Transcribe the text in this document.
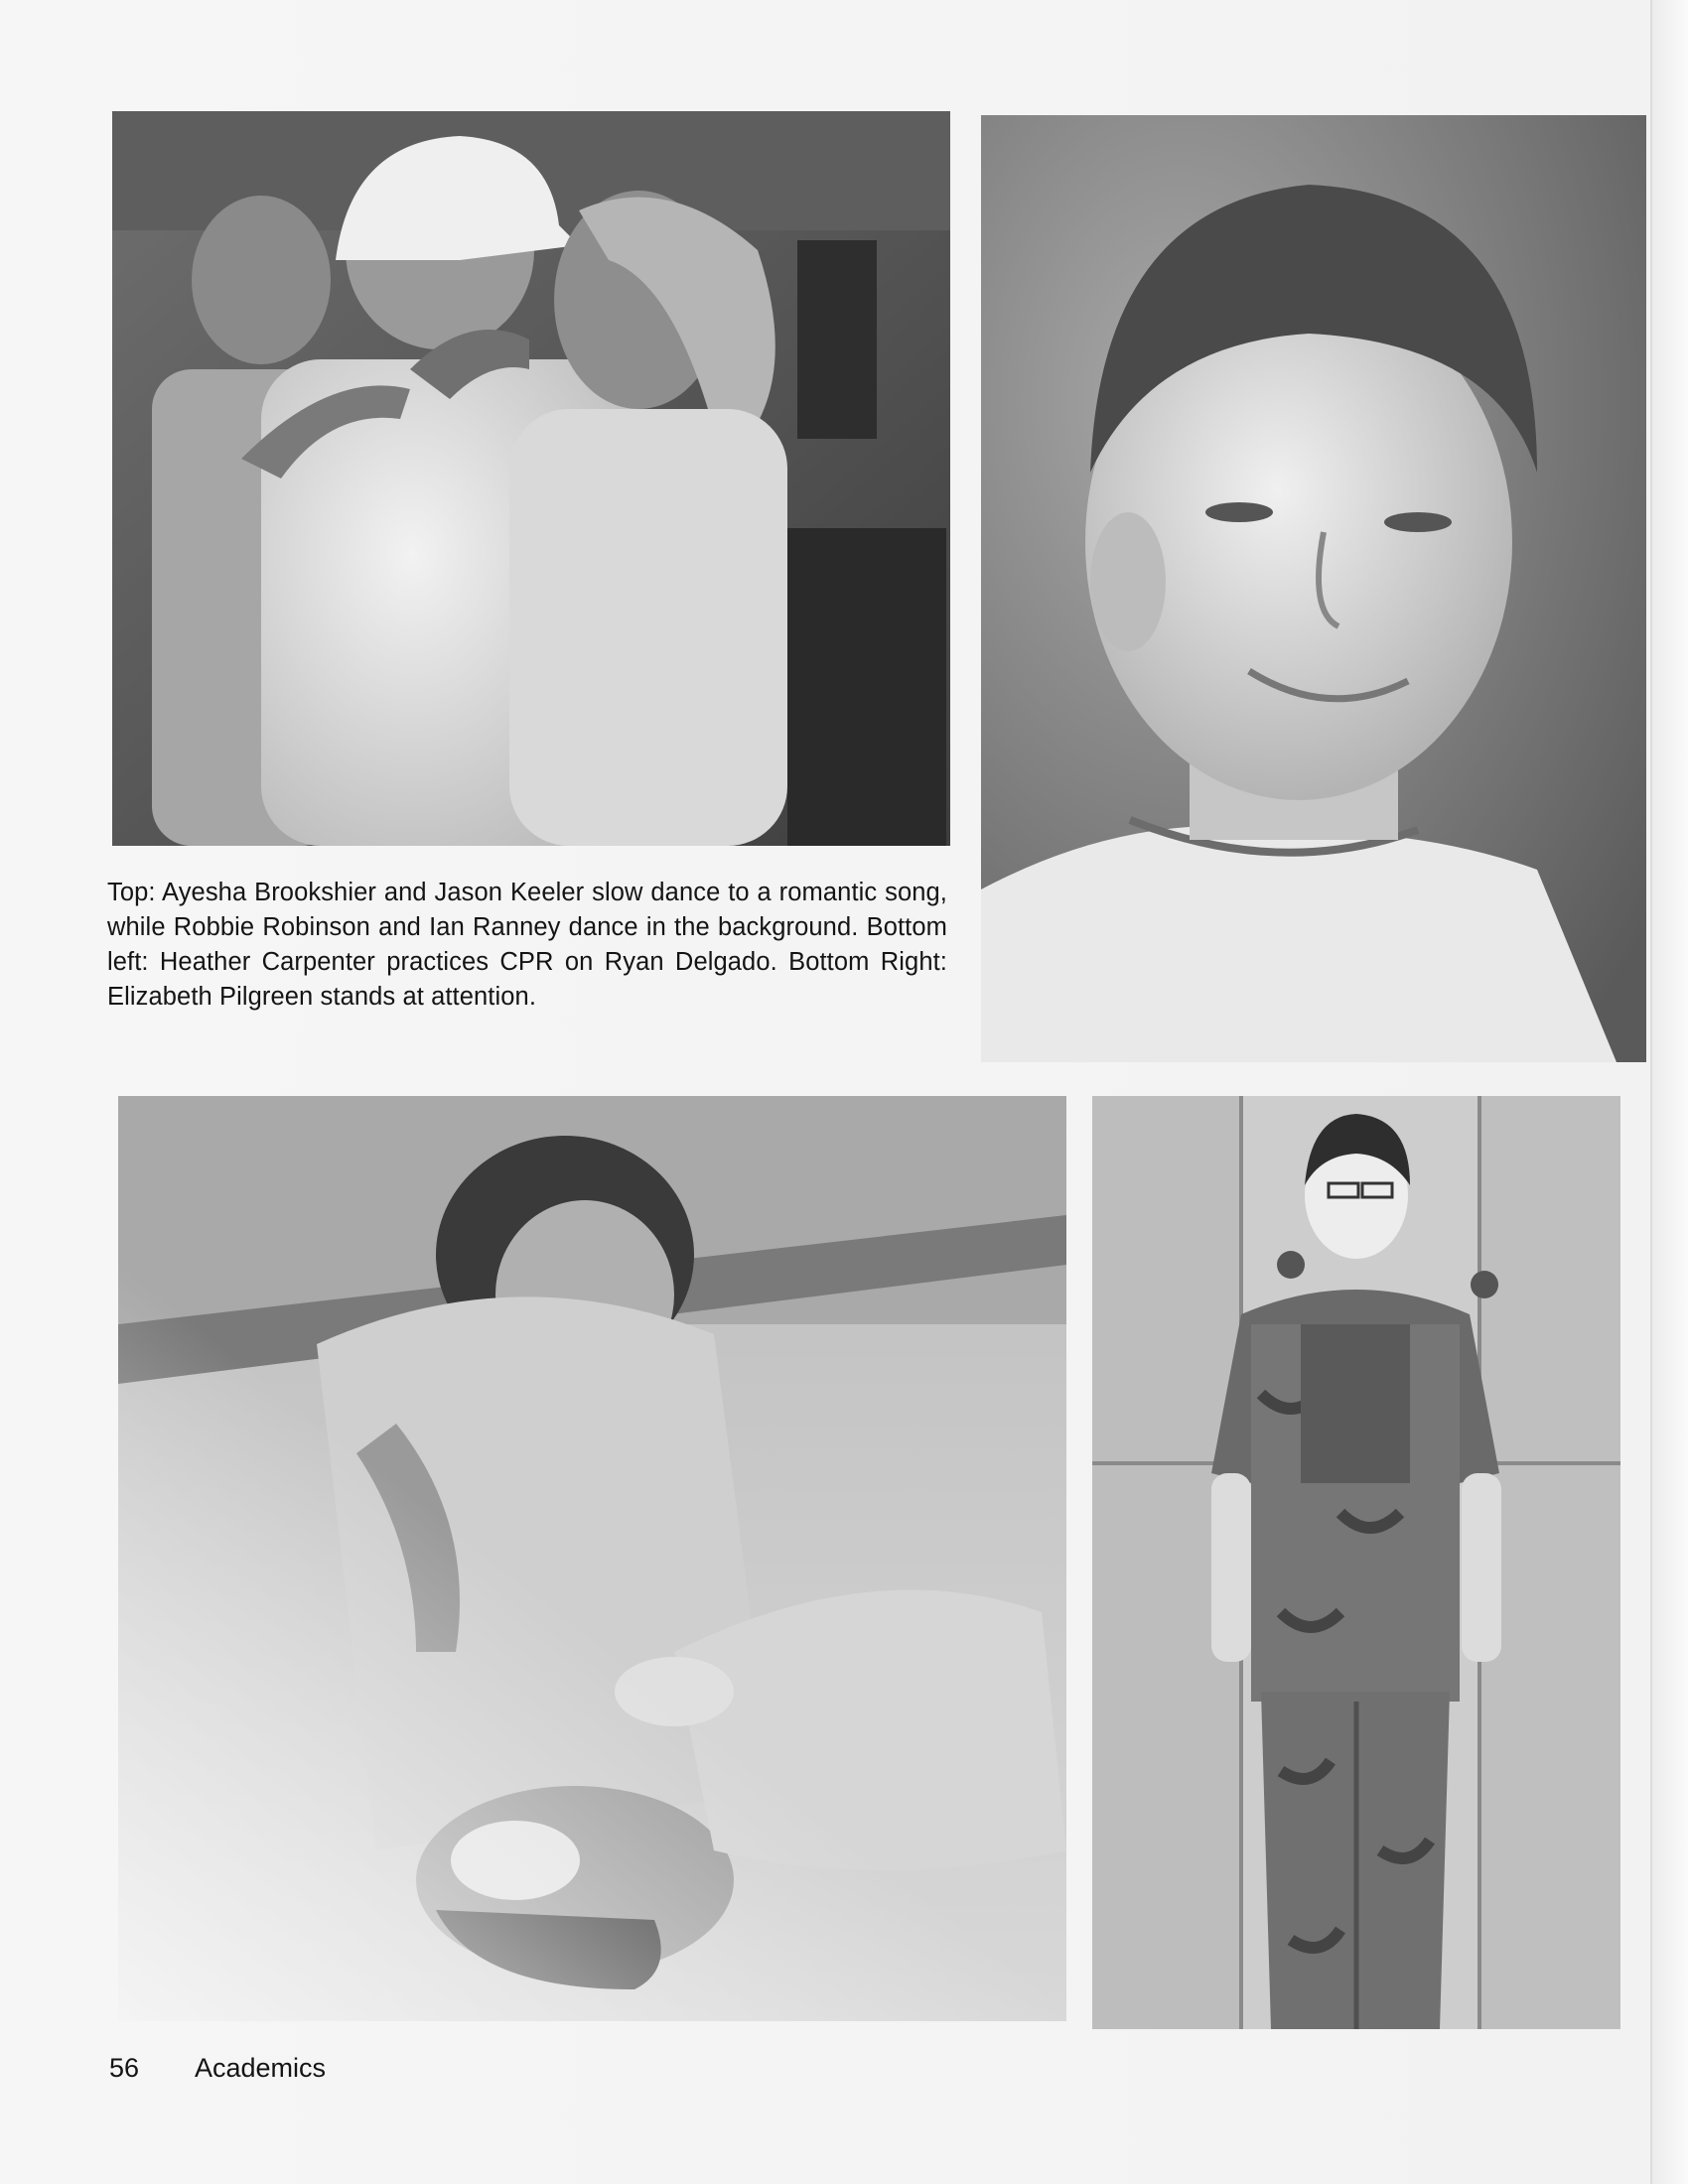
Top: Ayesha Brookshier and Jason Keeler slow dance to a romantic song, while Robbie Robinson and Ian Ranney dance in the background. Bottom left: Heather Carpenter practices CPR on Ryan Delgado. Bottom Right: Elizabeth Pilgreen stands at attention.
56 Academics
